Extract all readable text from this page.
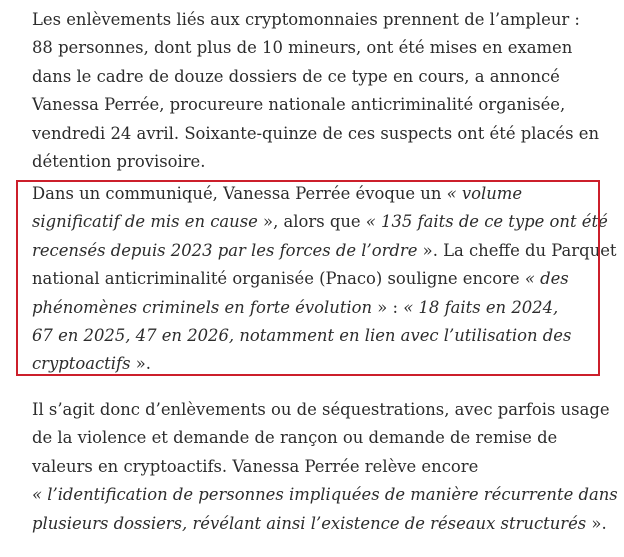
Les enlèvements liés aux cryptomonnaies prennent de l’ampleur :
88 personnes, dont plus de 10 mineurs, ont été mises en examen
dans le cadre de douze dossiers de ce type en cours, a annoncé
Vanessa Perrée, procureure nationale anticriminalité organisée,
vendredi 24 avril. Soixante-quinze de ces suspects ont été placés en
détention provisoire.

Dans un communiqué, Vanessa Perrée évoque un « volume
significatif de mis en cause », alors que « 135 faits de ce type ont été
recensés depuis 2023 par les forces de l’ordre ». La cheffe du Parquet
national anticriminalité organisée (Pnaco) souligne encore « des
phénomènes criminels en forte évolution » : « 18 faits en 2024,
67 en 2025, 47 en 2026, notamment en lien avec l’utilisation des
cryptoactifs ».

Il s’agit donc d’enlèvements ou de séquestrations, avec parfois usage
de la violence et demande de rançon ou demande de remise de
valeurs en cryptoactifs. Vanessa Perrée relève encore
« l’identification de personnes impliquées de manière récurrente dans
plusieurs dossiers, révélant ainsi l’existence de réseaux structurés ».
